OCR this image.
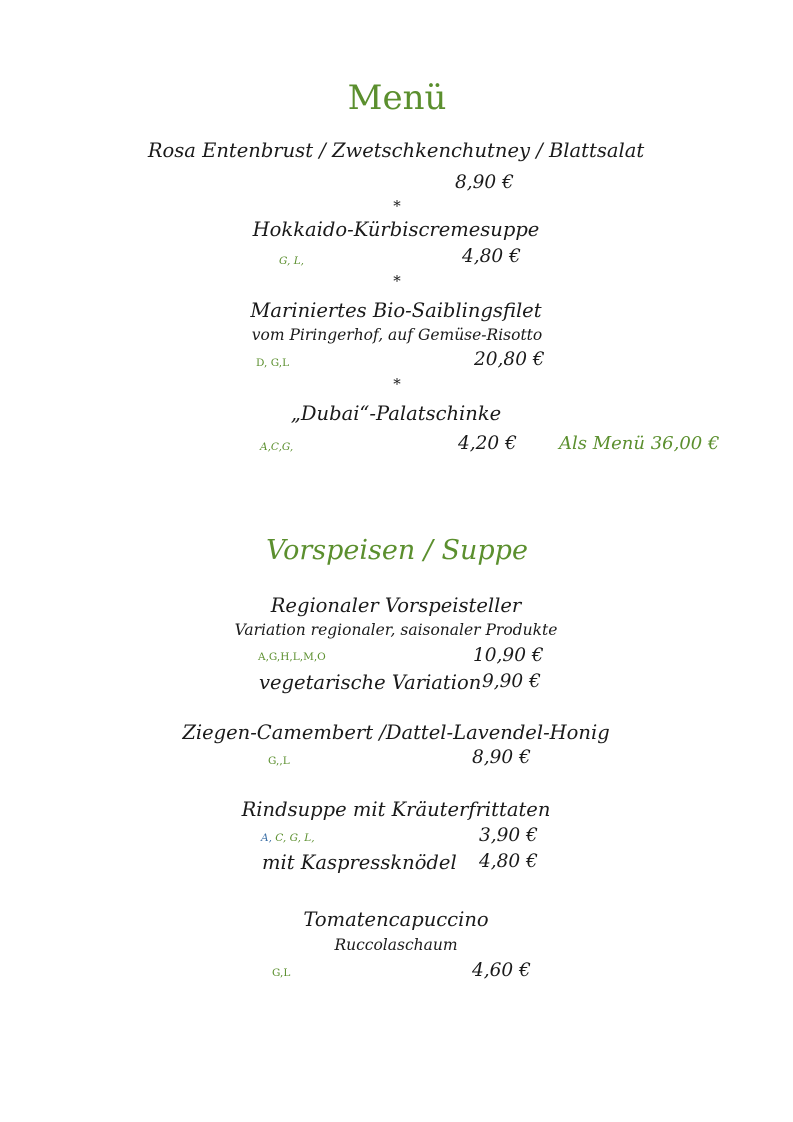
Menü
Rosa Entenbrust / Zwetschkenchutney / Blattsalat
8,90 €
*
Hokkaido-Kürbiscremesuppe
G, L,	4,80 €
*
Mariniertes Bio-Saiblingsfilet
vom Piringerhof, auf Gemüse-Risotto
D, G,L	20,80 €
*
„Dubai“-Palatschinke
A,C,G,	4,20 € Als Menü 36,00 €
Vorspeisen / Suppe
Regionaler Vorspeisteller
Variation regionaler, saisonaler Produkte
A,G,H,L,M,O	10,90 €
vegetarische Variation 9,90 €
Ziegen-Camembert /Dattel-Lavendel-Honig
G,,L	8,90 €
Rindsuppe mit Kräuterfrittaten
A, C, G, L,	3,90 €
mit Kaspressknödel 4,80 €
Tomatencapuccino
Ruccolaschaum
G,L	4,60 €
